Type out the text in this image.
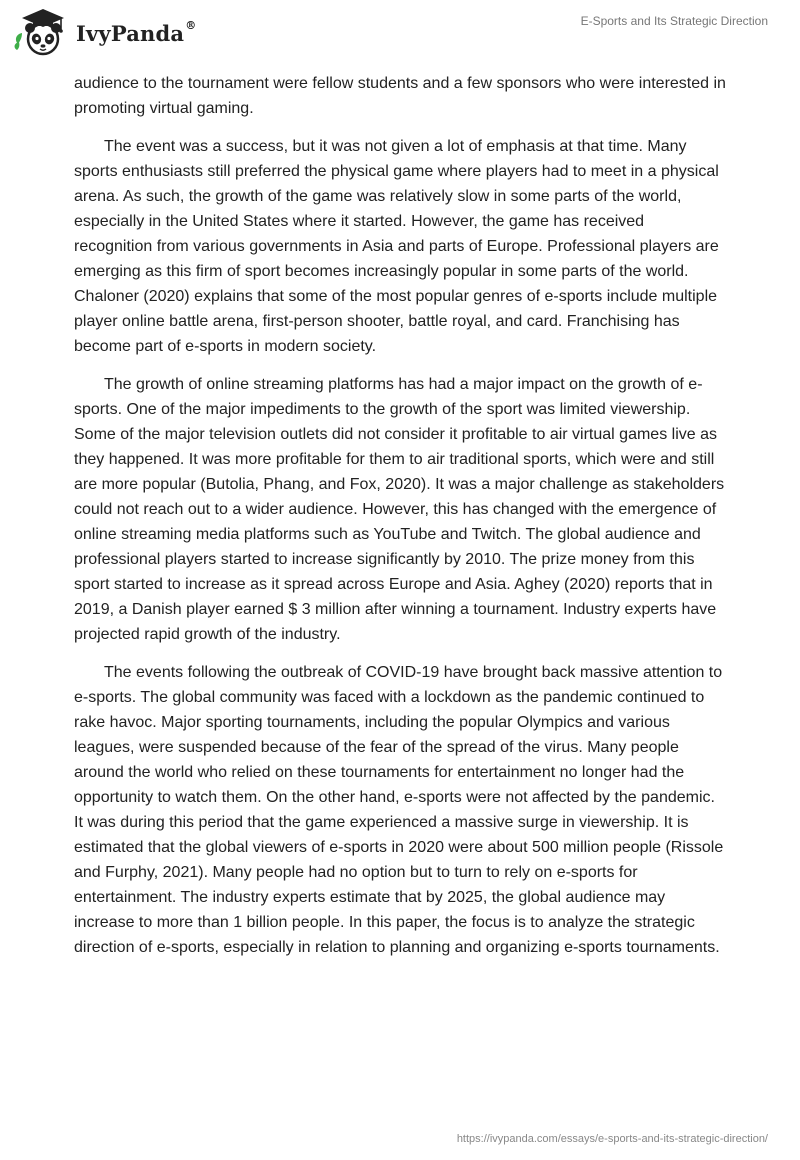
IvyPanda®	E-Sports and Its Strategic Direction

audience to the tournament were fellow students and a few sponsors who were interested in promoting virtual gaming.

The event was a success, but it was not given a lot of emphasis at that time. Many sports enthusiasts still preferred the physical game where players had to meet in a physical arena. As such, the growth of the game was relatively slow in some parts of the world, especially in the United States where it started. However, the game has received recognition from various governments in Asia and parts of Europe. Professional players are emerging as this firm of sport becomes increasingly popular in some parts of the world. Chaloner (2020) explains that some of the most popular genres of e-sports include multiple player online battle arena, first-person shooter, battle royal, and card. Franchising has become part of e-sports in modern society.

The growth of online streaming platforms has had a major impact on the growth of e-sports. One of the major impediments to the growth of the sport was limited viewership. Some of the major television outlets did not consider it profitable to air virtual games live as they happened. It was more profitable for them to air traditional sports, which were and still are more popular (Butolia, Phang, and Fox, 2020). It was a major challenge as stakeholders could not reach out to a wider audience. However, this has changed with the emergence of online streaming media platforms such as YouTube and Twitch. The global audience and professional players started to increase significantly by 2010. The prize money from this sport started to increase as it spread across Europe and Asia. Aghey (2020) reports that in 2019, a Danish player earned $ 3 million after winning a tournament. Industry experts have projected rapid growth of the industry.

The events following the outbreak of COVID-19 have brought back massive attention to e-sports. The global community was faced with a lockdown as the pandemic continued to rake havoc. Major sporting tournaments, including the popular Olympics and various leagues, were suspended because of the fear of the spread of the virus. Many people around the world who relied on these tournaments for entertainment no longer had the opportunity to watch them. On the other hand, e-sports were not affected by the pandemic. It was during this period that the game experienced a massive surge in viewership. It is estimated that the global viewers of e-sports in 2020 were about 500 million people (Rissole and Furphy, 2021). Many people had no option but to turn to rely on e-sports for entertainment. The industry experts estimate that by 2025, the global audience may increase to more than 1 billion people. In this paper, the focus is to analyze the strategic direction of e-sports, especially in relation to planning and organizing e-sports tournaments.

https://ivypanda.com/essays/e-sports-and-its-strategic-direction/
